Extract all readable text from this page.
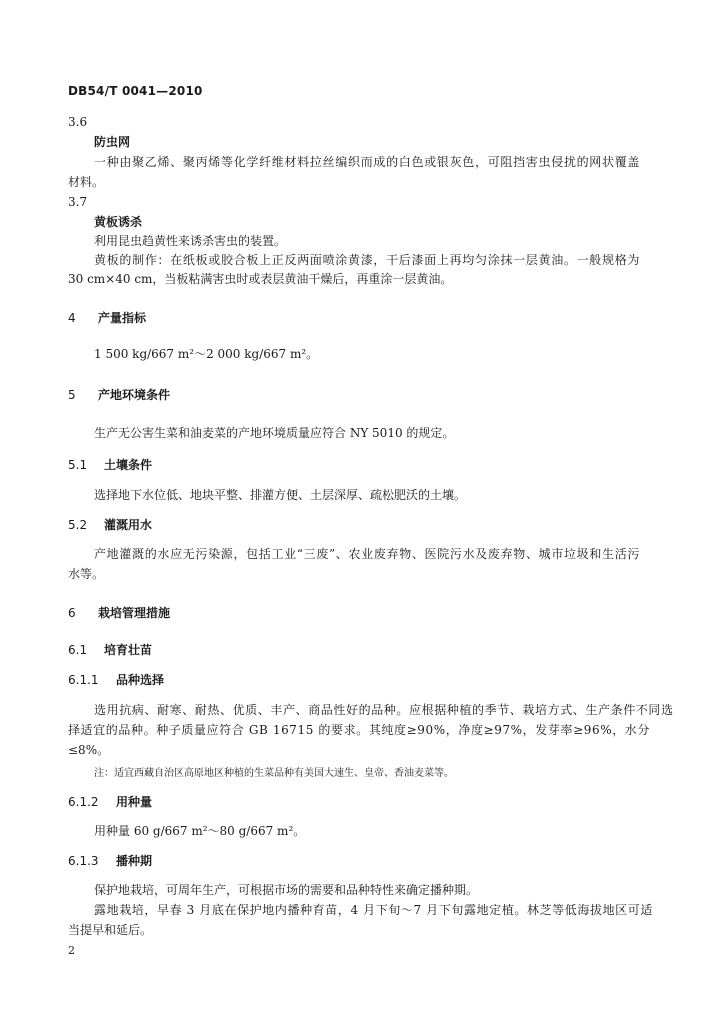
DB54/T 0041—2010
3.6
防虫网
一种由聚乙烯、聚丙烯等化学纤维材料拉丝编织而成的白色或银灰色，可阻挡害虫侵扰的网状覆盖
材料。
3.7
黄板诱杀
利用昆虫趋黄性来诱杀害虫的装置。
黄板的制作：在纸板或胶合板上正反两面喷涂黄漆，干后漆面上再均匀涂抹一层黄油。一般规格为
30 cm×40 cm，当板粘满害虫时或表层黄油干燥后，再重涂一层黄油。
4 产量指标
1 500 kg/667 m²～2 000 kg/667 m²。
5 产地环境条件
生产无公害生菜和油麦菜的产地环境质量应符合 NY 5010 的规定。
5.1 土壤条件
选择地下水位低、地块平整、排灌方便、土层深厚、疏松肥沃的土壤。
5.2 灌溉用水
产地灌溉的水应无污染源，包括工业“三废”、农业废弃物、医院污水及废弃物、城市垃圾和生活污
水等。
6 栽培管理措施
6.1 培育壮苗
6.1.1 品种选择
选用抗病、耐寒、耐热、优质、丰产、商品性好的品种。应根据种植的季节、栽培方式、生产条件不同选
择适宜的品种。种子质量应符合 GB 16715 的要求。其纯度≥90%，净度≥97%，发芽率≥96%，水分
≤8%。
注：适宜西藏自治区高原地区种植的生菜品种有美国大速生、皇帝、香油麦菜等。
6.1.2 用种量
用种量 60 g/667 m²～80 g/667 m²。
6.1.3 播种期
保护地栽培，可周年生产，可根据市场的需要和品种特性来确定播种期。
露地栽培，早春 3 月底在保护地内播种育苗，4 月下旬～7 月下旬露地定植。林芝等低海拔地区可适
当提早和延后。
2
